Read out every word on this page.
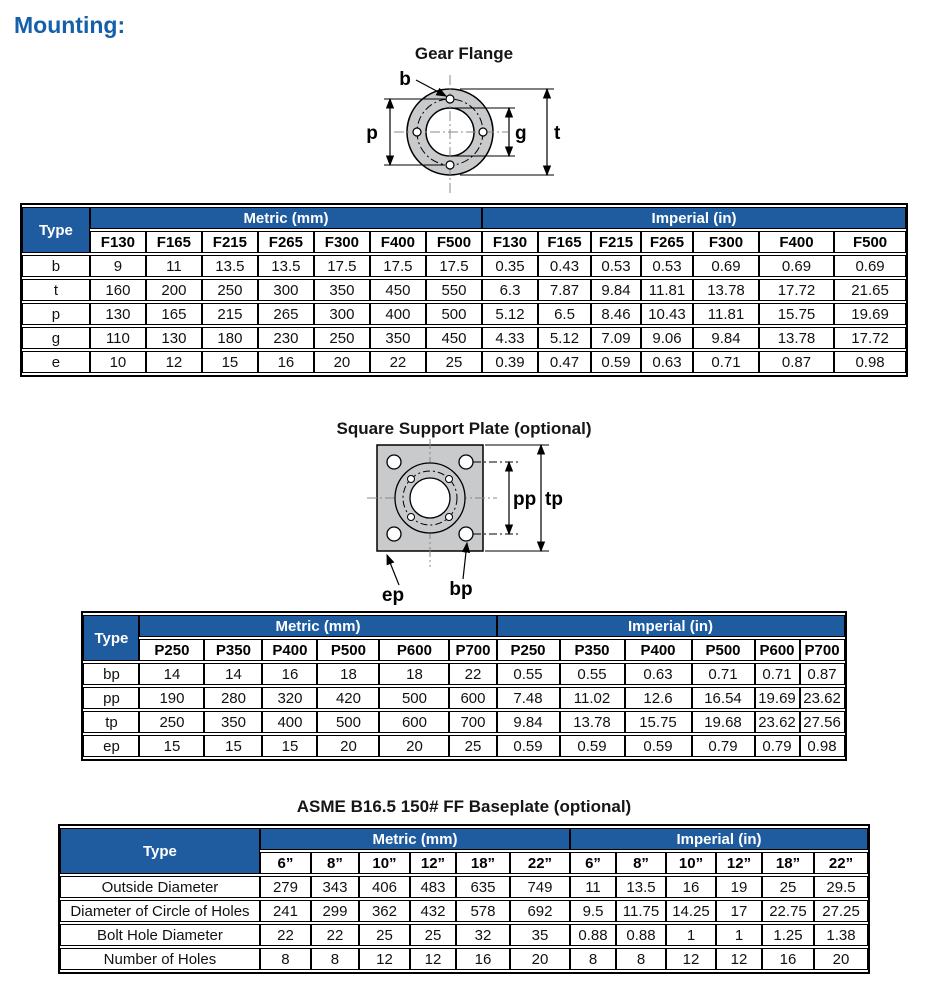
Mounting:
Gear Flange
b
p	g t
Type	Metric (mm)							Imperial (in)						
	F130	F165	F215	F265	F300	F400	F500	F130	F165	F215	F265	F300	F400	F500
b	9	11	13.5	13.5	17.5	17.5	17.5	0.35	0.43	0.53	0.53	0.69	0.69	0.69
t	160	200	250	300	350	450	550	6.3	7.87	9.84	11.81	13.78	17.72	21.65
p	130	165	215	265	300	400	500	5.12	6.5	8.46	10.43	11.81	15.75	19.69
g	110	130	180	230	250	350	450	4.33	5.12	7.09	9.06	9.84	13.78	17.72
e	10	12	15	16	20	22	25	0.39	0.47	0.59	0.63	0.71	0.87	0.98
Square Support Plate (optional)
pp tp
ep bp
Type	Metric (mm)						Imperial (in)					
	P250	P350	P400	P500	P600	P700	P250	P350	P400	P500	P600	P700
bp	14	14	16	18	18	22	0.55	0.55	0.63	0.71	0.71	0.87
pp	190	280	320	420	500	600	7.48	11.02	12.6	16.54	19.69	23.62
tp	250	350	400	500	600	700	9.84	13.78	15.75	19.68	23.62	27.56
ep	15	15	15	20	20	25	0.59	0.59	0.59	0.79	0.79	0.98
ASME B16.5 150# FF Baseplate (optional)
Type	Metric (mm)						Imperial (in)					
	6”	8”	10”	12”	18”	22”	6”	8”	10”	12”	18”	22”
Outside Diameter	279	343	406	483	635	749	11	13.5	16	19	25	29.5
Diameter of Circle of Holes	241	299	362	432	578	692	9.5	11.75	14.25	17	22.75	27.25
Bolt Hole Diameter	22	22	25	25	32	35	0.88	0.88	1	1	1.25	1.38
Number of Holes	8	8	12	12	16	20	8	8	12	12	16	20
